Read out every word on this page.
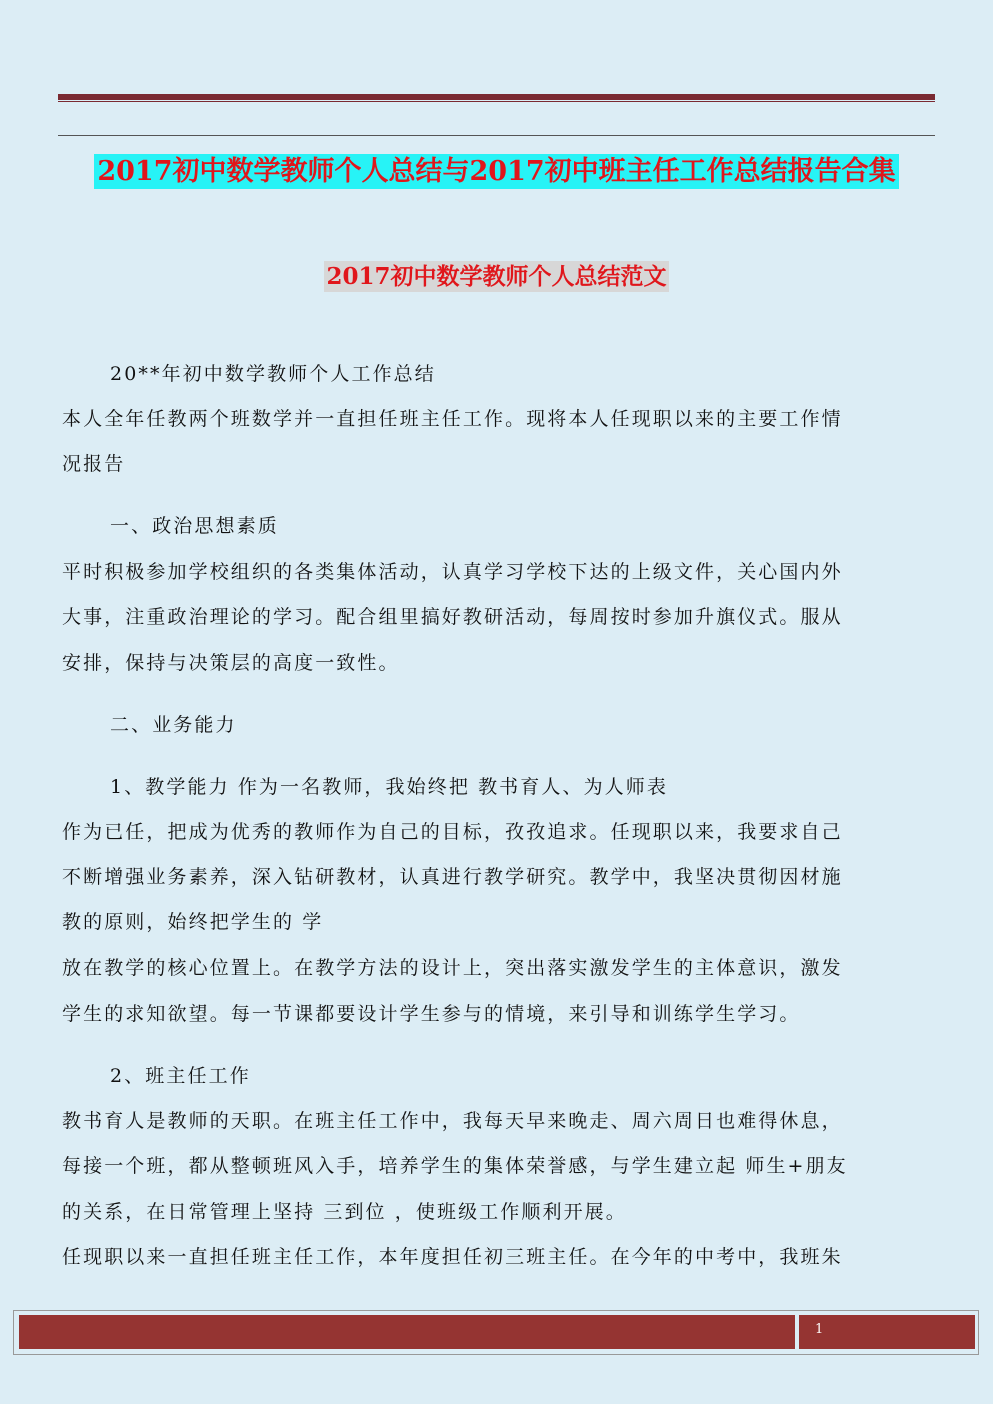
2017初中数学教师个人总结与2017初中班主任工作总结报告合集
2017初中数学教师个人总结范文
20**年初中数学教师个人工作总结
本人全年任教两个班数学并一直担任班主任工作。现将本人任现职以来的主要工作情
况报告
一、政治思想素质
平时积极参加学校组织的各类集体活动，认真学习学校下达的上级文件，关心国内外
大事，注重政治理论的学习。配合组里搞好教研活动，每周按时参加升旗仪式。服从
安排，保持与决策层的高度一致性。
二、业务能力
1、教学能力 作为一名教师，我始终把 教书育人、为人师表
作为已任，把成为优秀的教师作为自己的目标，孜孜追求。任现职以来，我要求自己
不断增强业务素养，深入钻研教材，认真进行教学研究。教学中，我坚决贯彻因材施
教的原则，始终把学生的 学
放在教学的核心位置上。在教学方法的设计上，突出落实激发学生的主体意识，激发
学生的求知欲望。每一节课都要设计学生参与的情境，来引导和训练学生学习。
2、班主任工作
教书育人是教师的天职。在班主任工作中，我每天早来晚走、周六周日也难得休息，
每接一个班，都从整顿班风入手，培养学生的集体荣誉感，与学生建立起 师生+朋友
的关系，在日常管理上坚持 三到位 ，使班级工作顺利开展。
任现职以来一直担任班主任工作，本年度担任初三班主任。在今年的中考中，我班朱
1
